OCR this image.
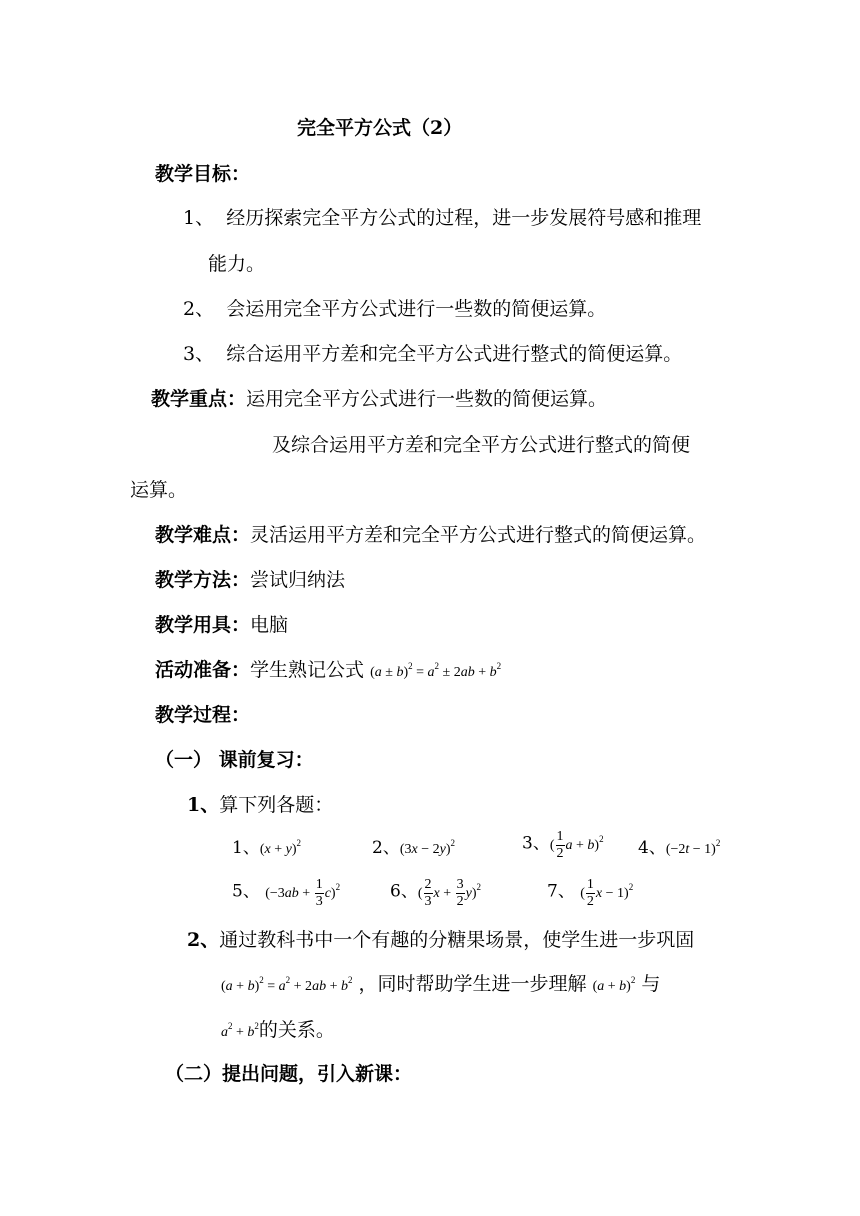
完全平方公式（2）
教学目标：
1、 经历探索完全平方公式的过程，进一步发展符号感和推理
能力。
2、 会运用完全平方公式进行一些数的简便运算。
3、 综合运用平方差和完全平方公式进行整式的简便运算。
教学重点：运用完全平方公式进行一些数的简便运算。
及综合运用平方差和完全平方公式进行整式的简便
运算。
教学难点：灵活运用平方差和完全平方公式进行整式的简便运算。
教学方法：尝试归纳法
教学用具：电脑
活动准备：学生熟记公式 $(a \pm b)^2 = a^2 \pm 2ab + b^2$
教学过程：
（一） 课前复习：
1、算下列各题：
1、$(x + y)^2$	2、$(3x - 2y)^2$	3、( $\frac{1}{2}$ a + b)$^2$ 4、$(-2t - 1)^2$
5、 $(-3ab + \frac{1}{3} c)^2$	6、( $\frac{2}{3}$ $x + \frac{3}{2} y)^2$	7、 ( $\frac{1}{2}$ x − 1)$^2$
2、通过教科书中一个有趣的分糖果场景，使学生进一步巩固
$(a + b)^2 = a^2 + 2ab + b^2$ ，同时帮助学生进一步理解 $(a + b)^2$ 与
$a^2 + b^2$的关系。
（二）提出问题，引入新课：
